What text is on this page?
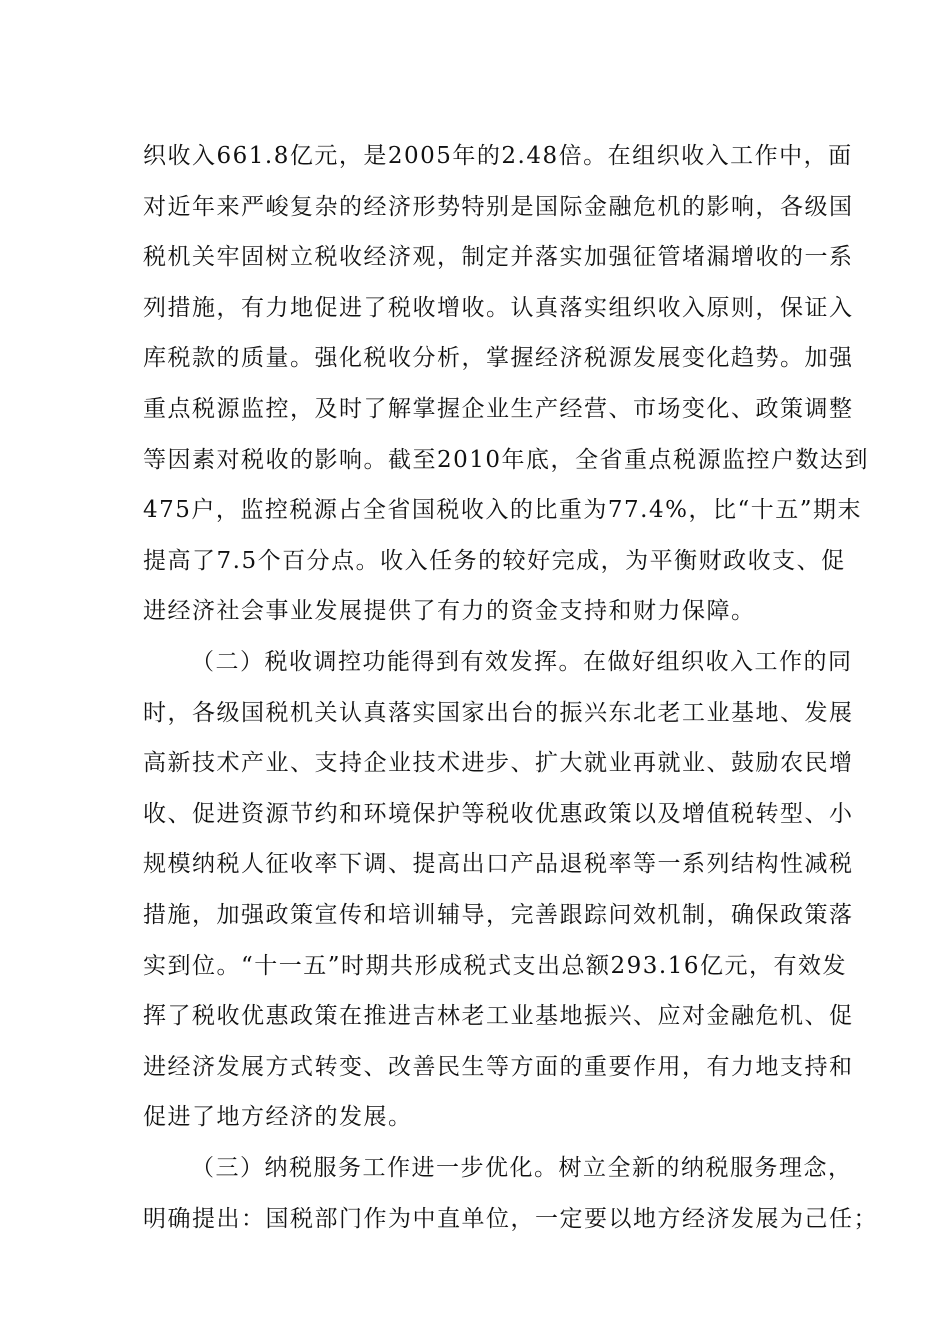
织收入661.8亿元，是2005年的2.48倍。在组织收入工作中，面

对近年来严峻复杂的经济形势特别是国际金融危机的影响，各级国

税机关牢固树立税收经济观，制定并落实加强征管堵漏增收的一系

列措施，有力地促进了税收增收。认真落实组织收入原则，保证入

库税款的质量。强化税收分析，掌握经济税源发展变化趋势。加强

重点税源监控，及时了解掌握企业生产经营、市场变化、政策调整

等因素对税收的影响。截至2010年底，全省重点税源监控户数达到

475户，监控税源占全省国税收入的比重为77.4%，比“十五”期末

提高了7.5个百分点。收入任务的较好完成，为平衡财政收支、促

进经济社会事业发展提供了有力的资金支持和财力保障。

（二）税收调控功能得到有效发挥。在做好组织收入工作的同

时，各级国税机关认真落实国家出台的振兴东北老工业基地、发展

高新技术产业、支持企业技术进步、扩大就业再就业、鼓励农民增

收、促进资源节约和环境保护等税收优惠政策以及增值税转型、小

规模纳税人征收率下调、提高出口产品退税率等一系列结构性减税

措施，加强政策宣传和培训辅导，完善跟踪问效机制，确保政策落

实到位。“十一五”时期共形成税式支出总额293.16亿元，有效发

挥了税收优惠政策在推进吉林老工业基地振兴、应对金融危机、促

进经济发展方式转变、改善民生等方面的重要作用，有力地支持和

促进了地方经济的发展。

（三）纳税服务工作进一步优化。树立全新的纳税服务理念，

明确提出：国税部门作为中直单位，一定要以地方经济发展为己任；
